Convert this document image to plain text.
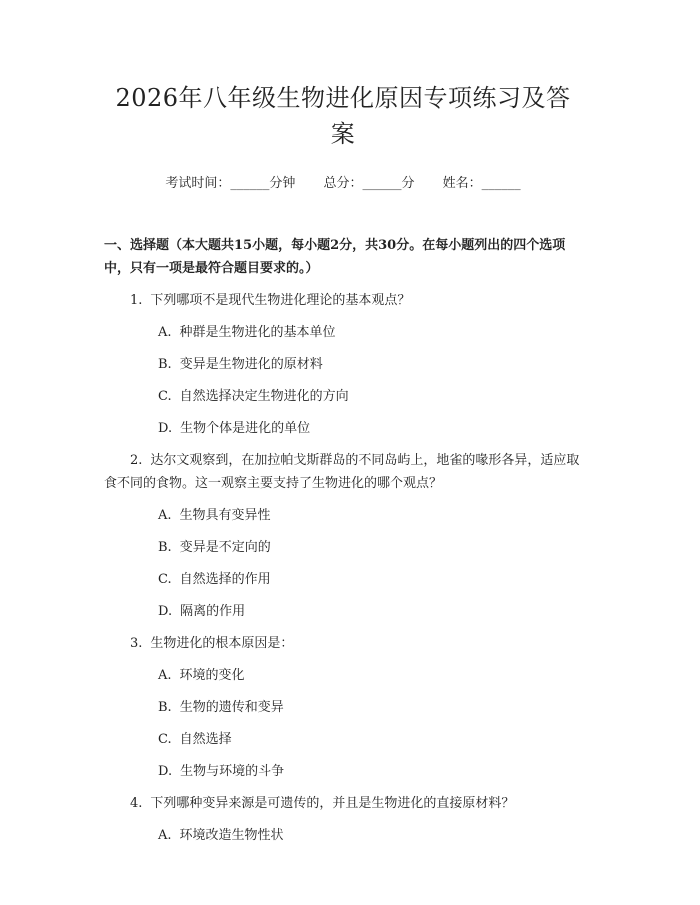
2026年八年级生物进化原因专项练习及答案
考试时间：______分钟 总分：______分 姓名：______
一、选择题（本大题共15小题，每小题2分，共30分。在每小题列出的四个选项中，只有一项是最符合题目要求的。）
1. 下列哪项不是现代生物进化理论的基本观点？
A. 种群是生物进化的基本单位
B. 变异是生物进化的原材料
C. 自然选择决定生物进化的方向
D. 生物个体是进化的单位
2. 达尔文观察到，在加拉帕戈斯群岛的不同岛屿上，地雀的喙形各异，适应取食不同的食物。这一观察主要支持了生物进化的哪个观点？
A. 生物具有变异性
B. 变异是不定向的
C. 自然选择的作用
D. 隔离的作用
3. 生物进化的根本原因是：
A. 环境的变化
B. 生物的遗传和变异
C. 自然选择
D. 生物与环境的斗争
4. 下列哪种变异来源是可遗传的，并且是生物进化的直接原材料？
A. 环境改造生物性状
